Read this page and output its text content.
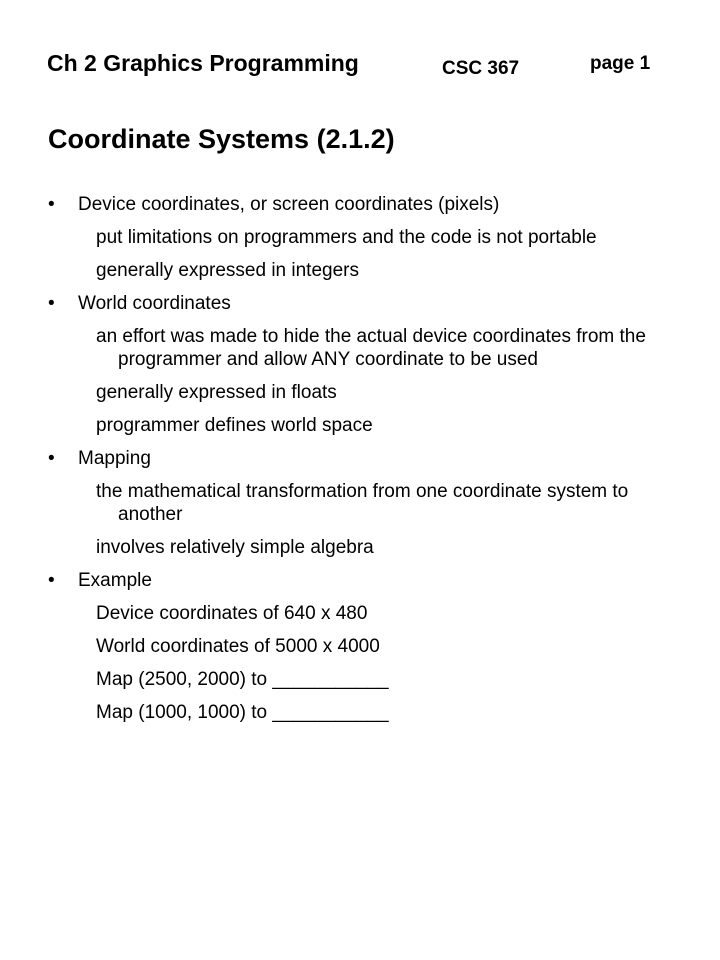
Ch 2 Graphics Programming	CSC 367	page 1
Coordinate Systems (2.1.2)
• Device coordinates, or screen coordinates (pixels)
put limitations on programmers and the code is not portable
generally expressed in integers
• World coordinates
an effort was made to hide the actual device coordinates from the programmer and allow ANY coordinate to be used
generally expressed in floats
programmer defines world space
• Mapping
the mathematical transformation from one coordinate system to another
involves relatively simple algebra
• Example
Device coordinates of 640 x 480
World coordinates of 5000 x 4000
Map (2500, 2000) to ___________
Map (1000, 1000) to ___________
